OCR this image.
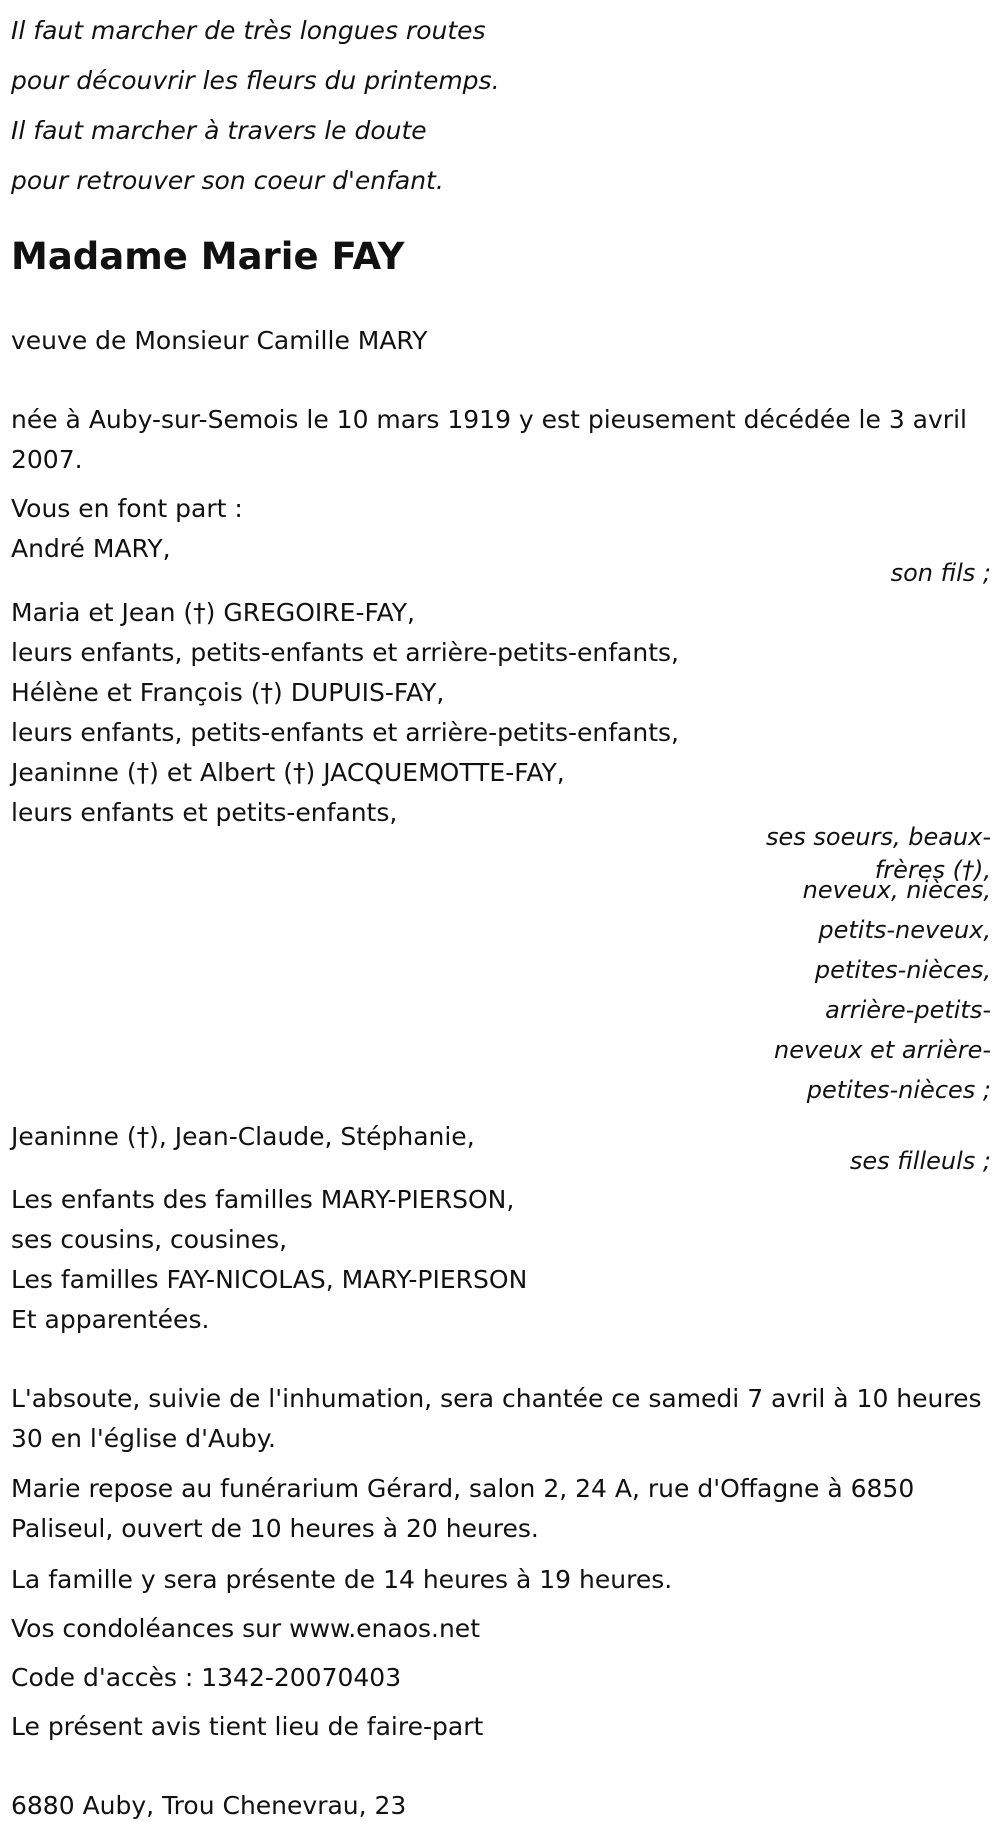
Il faut marcher de très longues routes
pour découvrir les fleurs du printemps.
Il faut marcher à travers le doute
pour retrouver son coeur d'enfant.
Madame Marie FAY
veuve de Monsieur Camille MARY
née à Auby-sur-Semois le 10 mars 1919 y est pieusement décédée le 3 avril 2007.
Vous en font part :
André MARY,
son fils ;
Maria et Jean (†) GREGOIRE-FAY,
leurs enfants, petits-enfants et arrière-petits-enfants,
Hélène et François (†) DUPUIS-FAY,
leurs enfants, petits-enfants et arrière-petits-enfants,
Jeaninne (†) et Albert (†) JACQUEMOTTE-FAY,
leurs enfants et petits-enfants,
ses soeurs, beaux-
frères (†),
neveux, nièces,
petits-neveux,
petites-nièces,
arrière-petits-
neveux et arrière-
petites-nièces ;
Jeaninne (†), Jean-Claude, Stéphanie,
ses filleuls ;
Les enfants des familles MARY-PIERSON,
ses cousins, cousines,
Les familles FAY-NICOLAS, MARY-PIERSON
Et apparentées.
L'absoute, suivie de l'inhumation, sera chantée ce samedi 7 avril à 10 heures 30 en l'église d'Auby.
Marie repose au funérarium Gérard, salon 2, 24 A, rue d'Offagne à 6850 Paliseul, ouvert de 10 heures à 20 heures.
La famille y sera présente de 14 heures à 19 heures.
Vos condoléances sur www.enaos.net
Code d'accès : 1342-20070403
Le présent avis tient lieu de faire-part
6880 Auby, Trou Chenevrau, 23
